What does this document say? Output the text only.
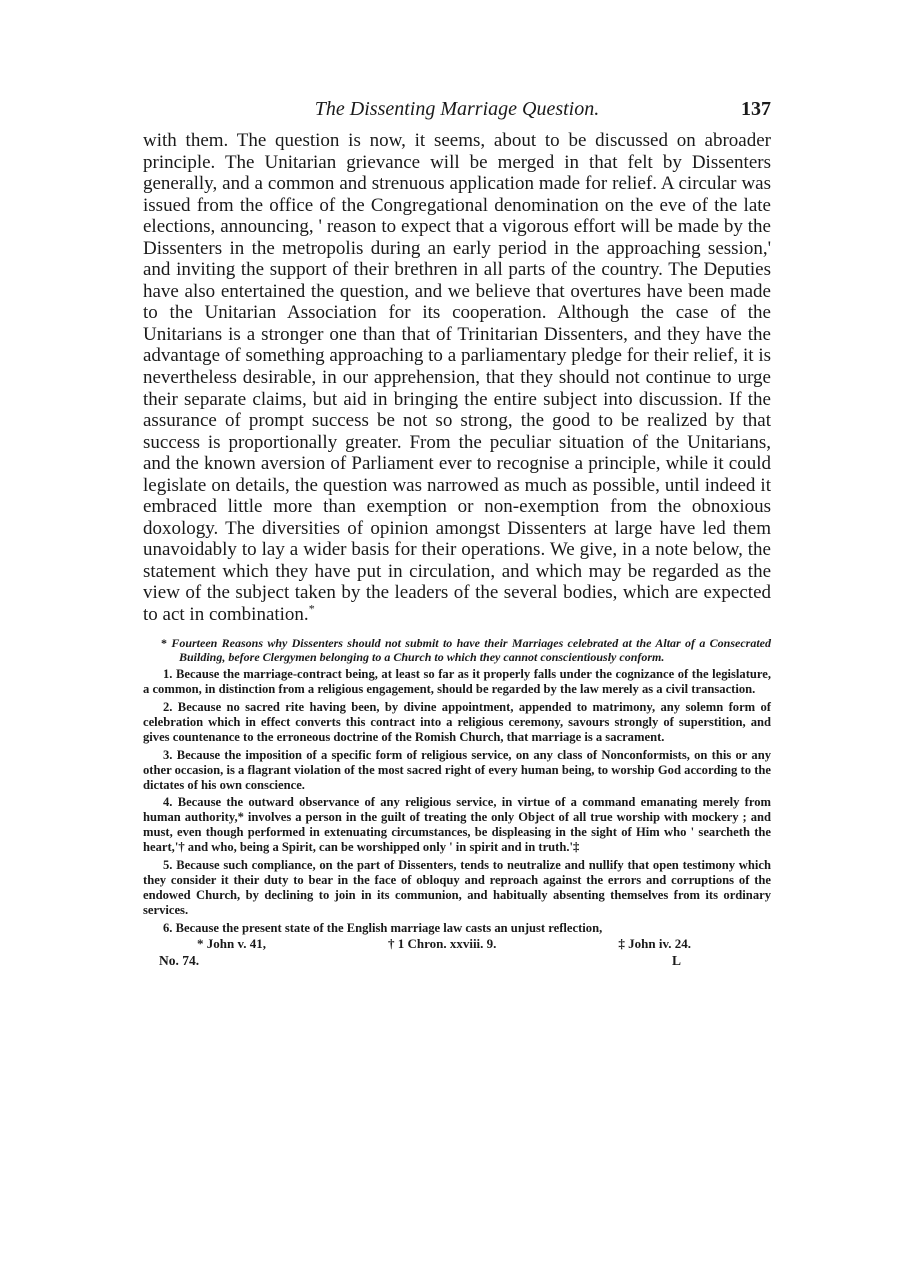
The Dissenting Marriage Question.	137

with them. The question is now, it seems, about to be discussed on abroader principle. The Unitarian grievance will be merged in that felt by Dissenters generally, and a common and strenuous application made for relief. A circular was issued from the office of the Congregational denomination on the eve of the late elections, announcing, ' reason to expect that a vigorous effort will be made by the Dissenters in the metropolis during an early period in the approaching session,' and inviting the support of their brethren in all parts of the country. The Deputies have also entertained the question, and we believe that overtures have been made to the Unitarian Association for its cooperation. Although the case of the Unitarians is a stronger one than that of Trinitarian Dissenters, and they have the advantage of something approaching to a parliamentary pledge for their relief, it is nevertheless desirable, in our apprehension, that they should not continue to urge their separate claims, but aid in bringing the entire subject into discussion. If the assurance of prompt success be not so strong, the good to be realized by that success is proportionally greater. From the peculiar situation of the Unitarians, and the known aversion of Parliament ever to recognise a principle, while it could legislate on details, the question was narrowed as much as possible, until indeed it embraced little more than exemption or non-exemption from the obnoxious doxology. The diversities of opinion amongst Dissenters at large have led them unavoidably to lay a wider basis for their operations. We give, in a note below, the statement which they have put in circulation, and which may be regarded as the view of the subject taken by the leaders of the several bodies, which are expected to act in combination.*

* Fourteen Reasons why Dissenters should not submit to have their Marriages celebrated at the Altar of a Consecrated Building, before Clergymen belonging to a Church to which they cannot conscientiously conform.

1. Because the marriage-contract being, at least so far as it properly falls under the cognizance of the legislature, a common, in distinction from a religious engagement, should be regarded by the law merely as a civil transaction.

2. Because no sacred rite having been, by divine appointment, appended to matrimony, any solemn form of celebration which in effect converts this contract into a religious ceremony, savours strongly of superstition, and gives countenance to the erroneous doctrine of the Romish Church, that marriage is a sacrament.

3. Because the imposition of a specific form of religious service, on any class of Nonconformists, on this or any other occasion, is a flagrant violation of the most sacred right of every human being, to worship God according to the dictates of his own conscience.

4. Because the outward observance of any religious service, in virtue of a command emanating merely from human authority,* involves a person in the guilt of treating the only Object of all true worship with mockery ; and must, even though performed in extenuating circumstances, be displeasing in the sight of Him who ' searcheth the heart,'† and who, being a Spirit, can be worshipped only ' in spirit and in truth.'‡

5. Because such compliance, on the part of Dissenters, tends to neutralize and nullify that open testimony which they consider it their duty to bear in the face of obloquy and reproach against the errors and corruptions of the endowed Church, by declining to join in its communion, and habitually absenting themselves from its ordinary services.

6. Because the present state of the English marriage law casts an unjust reflection,

* John v. 41,	† 1 Chron. xxviii. 9.	‡ John iv. 24.
No. 74.	L
